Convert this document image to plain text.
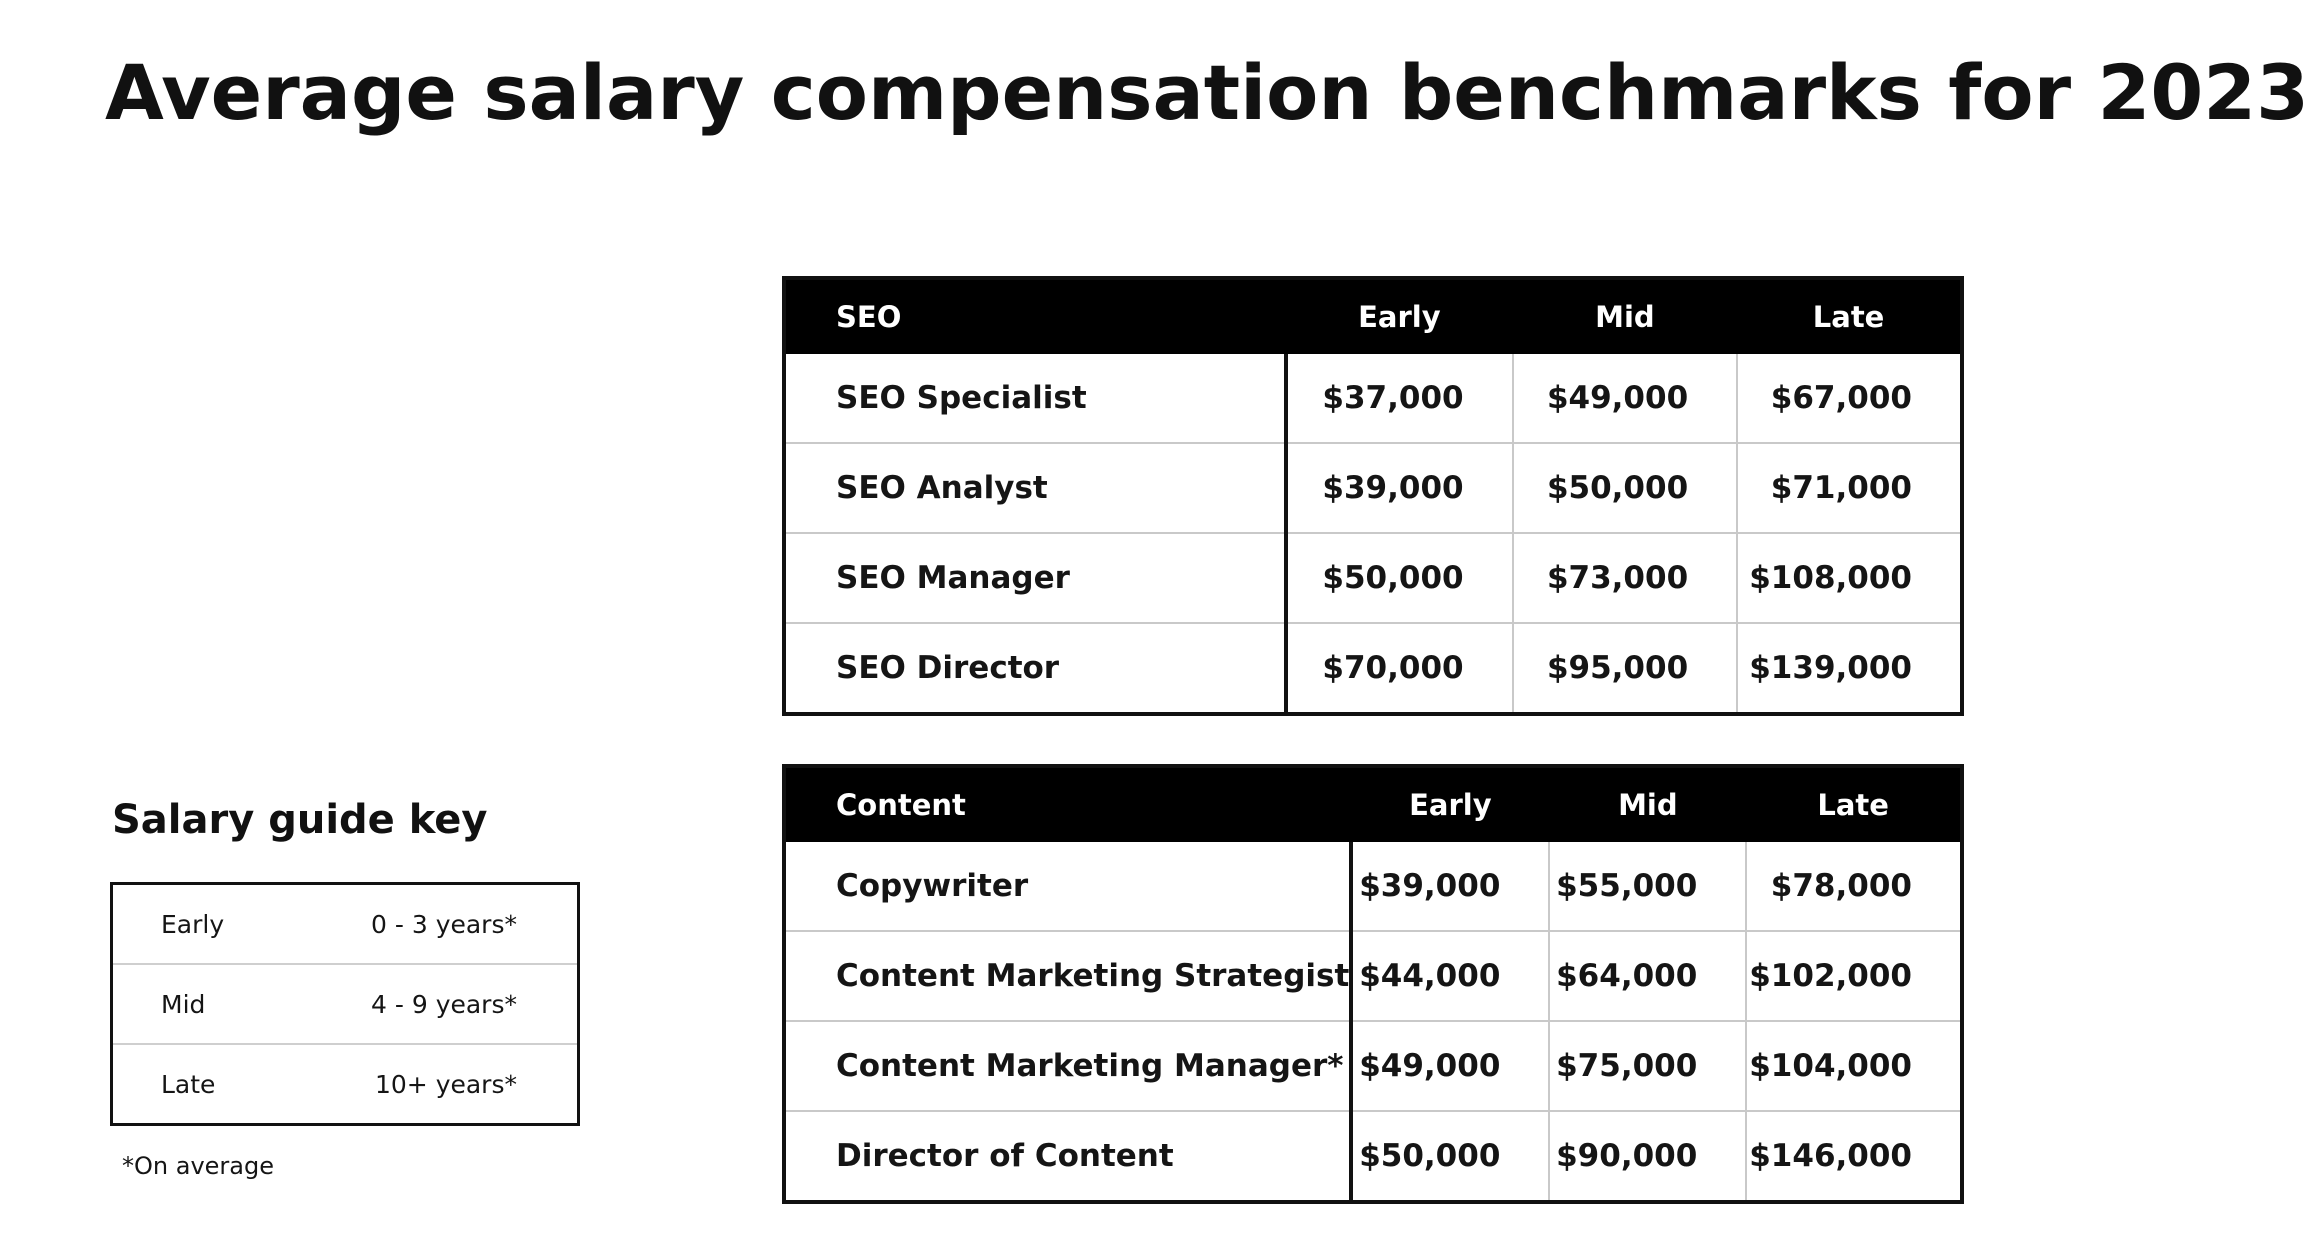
Average salary compensation benchmarks for 2023
SEO	Early	Mid	Late
SEO Specialist	$37,000	$49,000	$67,000
SEO Analyst	$39,000	$50,000	$71,000
SEO Manager	$50,000	$73,000	$108,000
SEO Director	$70,000	$95,000	$139,000
Content	Early	Mid	Late
Copywriter	$39,000	$55,000	$78,000
Content Marketing Strategist	$44,000	$64,000	$102,000
Content Marketing Manager*	$49,000	$75,000	$104,000
Director of Content	$50,000	$90,000	$146,000
Salary guide key
Early	0 - 3 years*
Mid	4 - 9 years*
Late	10+ years*
*On average
